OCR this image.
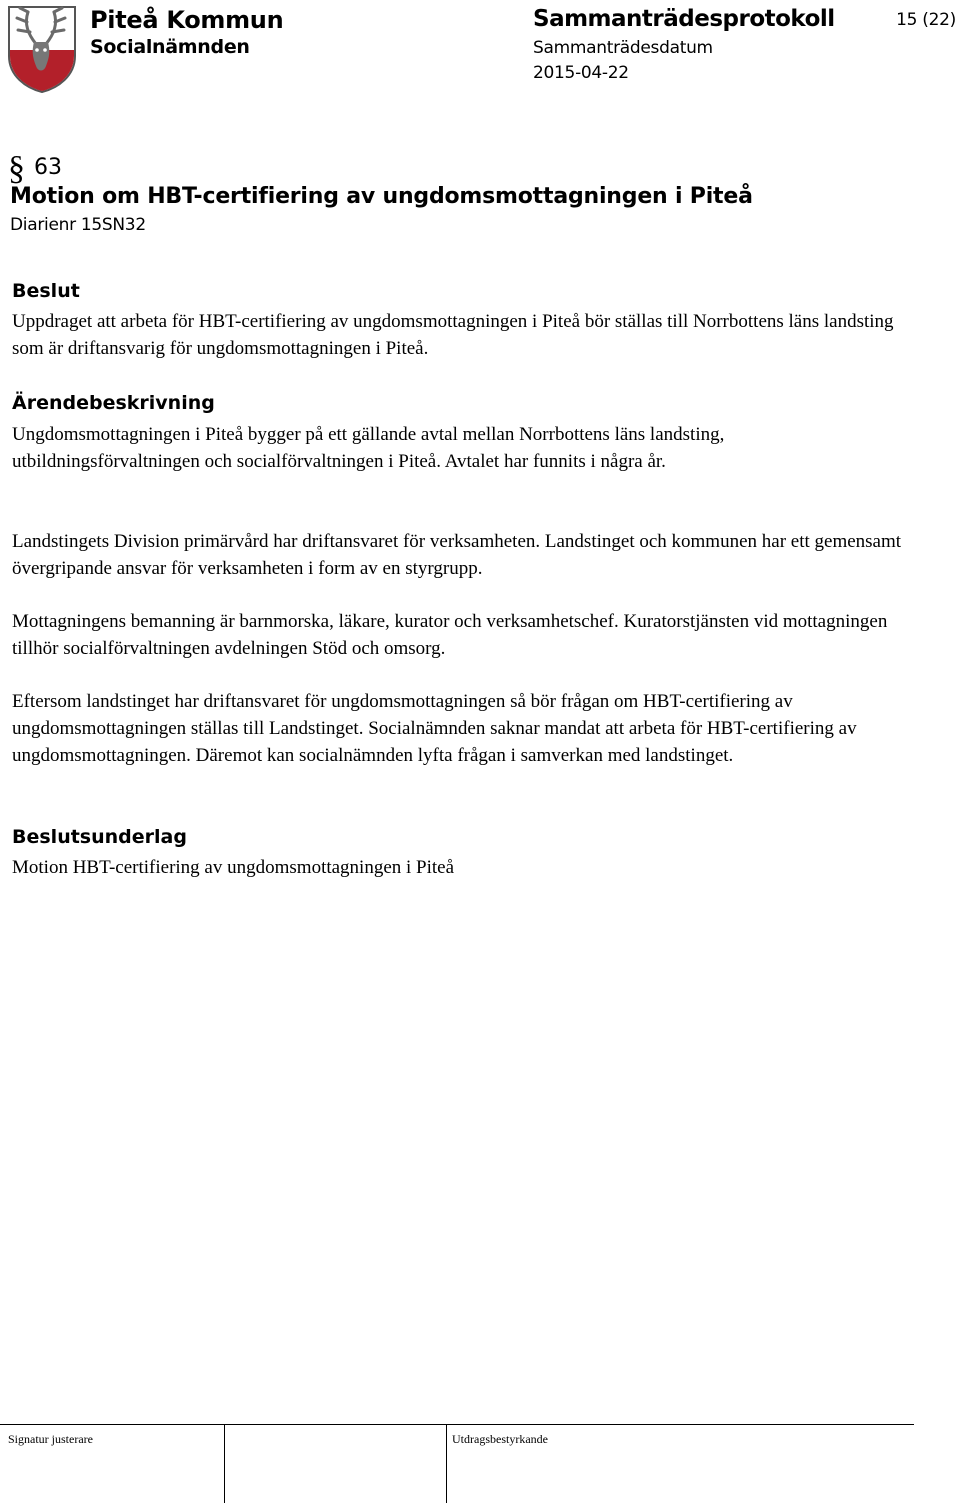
Piteå Kommun
Socialnämnden
Sammanträdesprotokoll
Sammanträdesdatum
2015-04-22
15 (22)
§ 63
Motion om HBT-certifiering av ungdomsmottagningen i Piteå
Diarienr 15SN32
Beslut

Uppdraget att arbeta för HBT-certifiering av ungdomsmottagningen i Piteå bör ställas till Norrbottens läns landsting som är driftansvarig för ungdomsmottagningen i Piteå.

Ärendebeskrivning

Ungdomsmottagningen i Piteå bygger på ett gällande avtal mellan Norrbottens läns landsting, utbildningsförvaltningen och socialförvaltningen i Piteå. Avtalet har funnits i några år.

Landstingets Division primärvård har driftansvaret för verksamheten. Landstinget och kommunen har ett gemensamt övergripande ansvar för verksamheten i form av en styrgrupp.

Mottagningens bemanning är barnmorska, läkare, kurator och verksamhetschef. Kuratorstjänsten vid mottagningen tillhör socialförvaltningen avdelningen Stöd och omsorg.

Eftersom landstinget har driftansvaret för ungdomsmottagningen så bör frågan om HBT-certifiering av ungdomsmottagningen ställas till Landstinget. Socialnämnden saknar mandat att arbeta för HBT-certifiering av ungdomsmottagningen. Däremot kan socialnämnden lyfta frågan i samverkan med landstinget.

Beslutsunderlag

Motion HBT-certifiering av ungdomsmottagningen i Piteå

Signatur justerare	Utdragsbestyrkande
